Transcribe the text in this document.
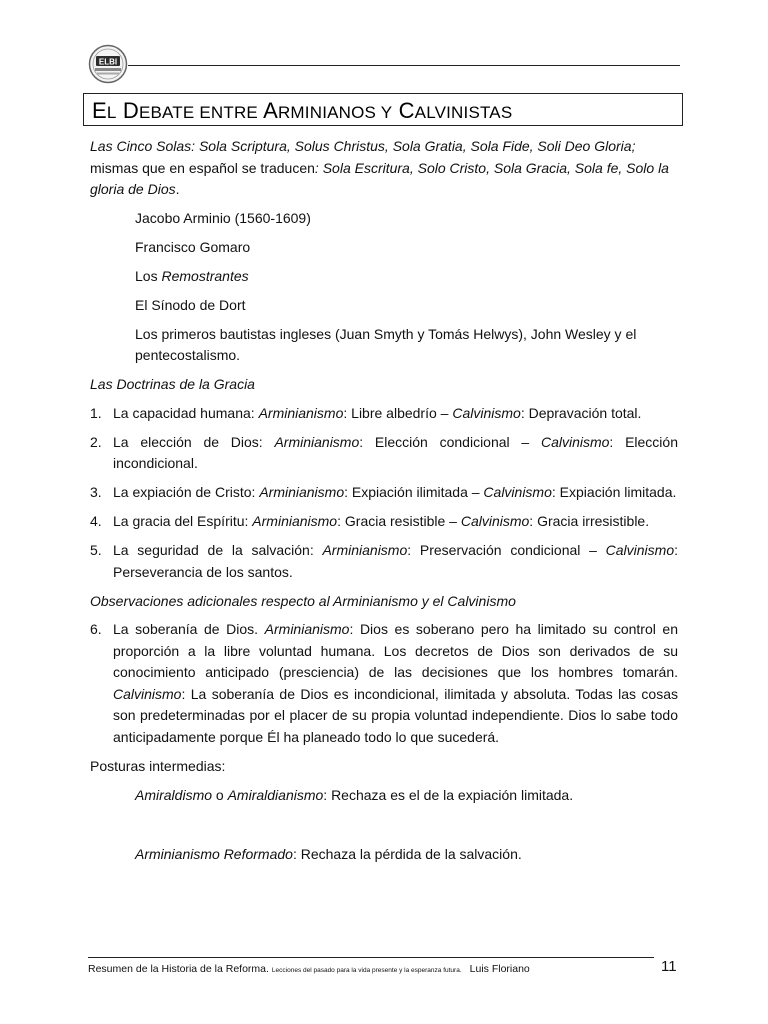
ELBI
EL DEBATE ENTRE ARMINIANOS Y CALVINISTAS

Las Cinco Solas: Sola Scriptura, Solus Christus, Sola Gratia, Sola Fide, Soli Deo Gloria; mismas que en español se traducen: Sola Escritura, Solo Cristo, Sola Gracia, Sola fe, Solo la gloria de Dios.

Jacobo Arminio (1560-1609)

Francisco Gomaro

Los Remostrantes

El Sínodo de Dort

Los primeros bautistas ingleses (Juan Smyth y Tomás Helwys), John Wesley y el pentecostalismo.

Las Doctrinas de la Gracia

1. La capacidad humana: Arminianismo: Libre albedrío – Calvinismo: Depravación total.
2. La elección de Dios: Arminianismo: Elección condicional – Calvinismo: Elección incondicional.
3. La expiación de Cristo: Arminianismo: Expiación ilimitada – Calvinismo: Expiación limitada.
4. La gracia del Espíritu: Arminianismo: Gracia resistible – Calvinismo: Gracia irresistible.
5. La seguridad de la salvación: Arminianismo: Preservación condicional – Calvinismo: Perseverancia de los santos.

Observaciones adicionales respecto al Arminianismo y el Calvinismo

6. La soberanía de Dios. Arminianismo: Dios es soberano pero ha limitado su control en proporción a la libre voluntad humana. Los decretos de Dios son derivados de su conocimiento anticipado (presciencia) de las decisiones que los hombres tomarán. Calvinismo: La soberanía de Dios es incondicional, ilimitada y absoluta. Todas las cosas son predeterminadas por el placer de su propia voluntad independiente. Dios lo sabe todo anticipadamente porque Él ha planeado todo lo que sucederá.

Posturas intermedias:

Amiraldismo o Amiraldianismo: Rechaza es el de la expiación limitada.

Arminianismo Reformado: Rechaza la pérdida de la salvación.

Resumen de la Historia de la Reforma. Lecciones del pasado para la vida presente y la esperanza futura. Luis Floriano	11
